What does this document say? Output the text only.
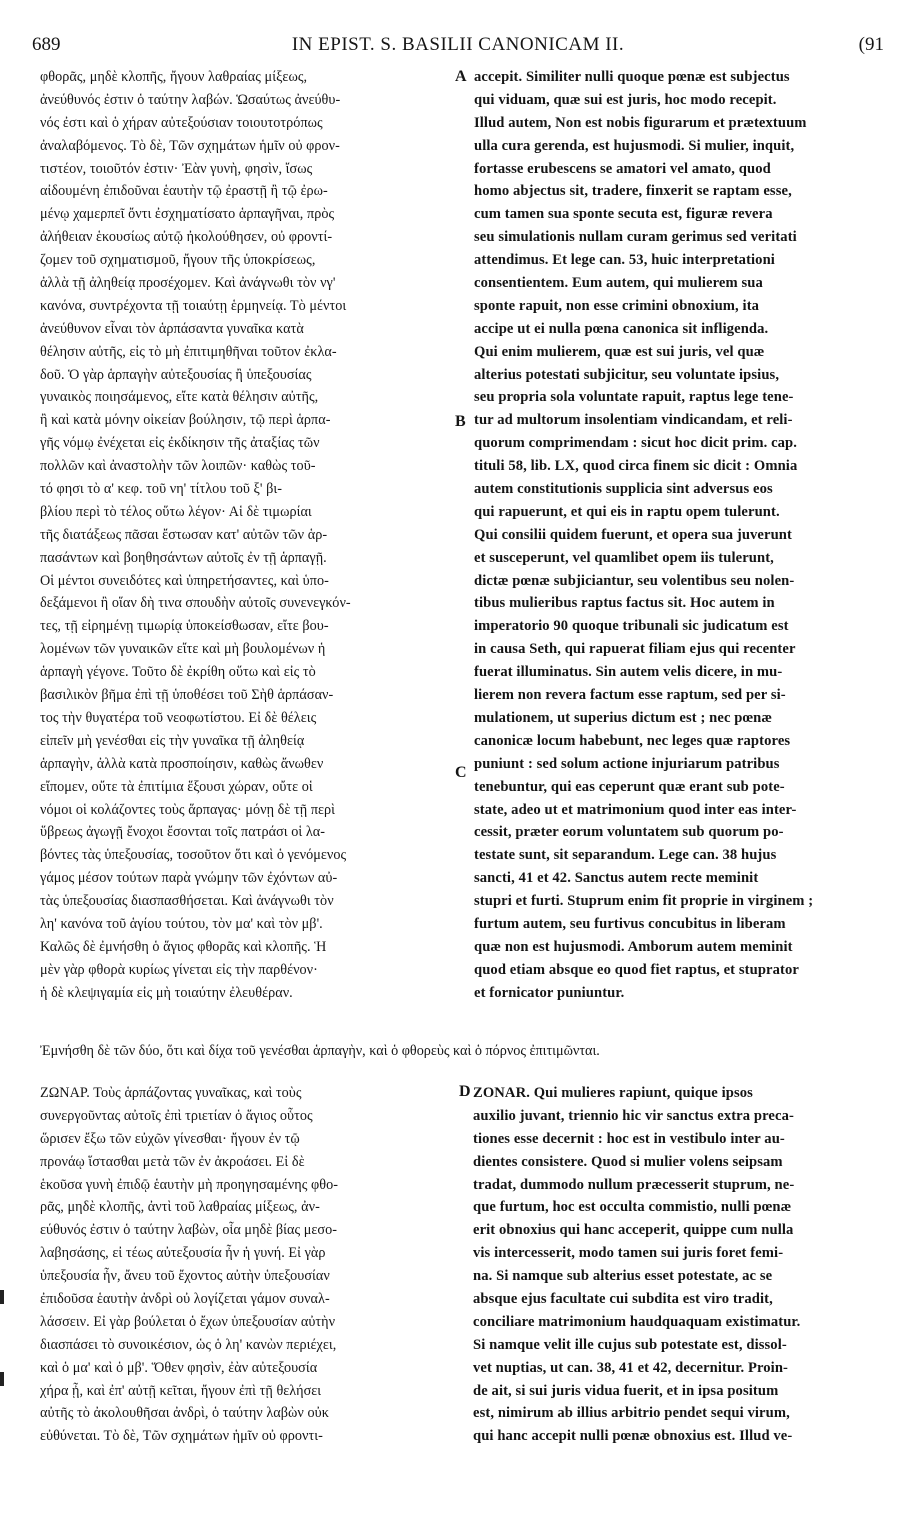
689	IN EPIST. S. BASILII CANONICAM II.	(91
φθορᾶς, μηδὲ κλοπῆς, ἤγουν λαθραίας μίξεως,
ἀνεύθυνός ἐστιν ὁ ταύτην λαβών. Ὡσαύτως ἀνεύθυ-
νός ἐστι καὶ ὁ χήραν αὐτεξούσιαν τοιουτοτρόπως
ἀναλαβόμενος. Τὸ δὲ, Τῶν σχημάτων ἡμῖν οὐ φρον-
τιστέον, τοιοῦτόν ἐστιν· Ἐὰν γυνὴ, φησὶν, ἴσως
αἰδουμένη ἐπιδοῦναι ἑαυτὴν τῷ ἐραστῇ ἢ τῷ ἐρω-
μένῳ χαμερπεῖ ὄντι ἐσχηματίσατο ἁρπαγῆναι, πρὸς
ἀλήθειαν ἑκουσίως αὐτῷ ἠκολούθησεν, οὐ φροντί-
ζομεν τοῦ σχηματισμοῦ, ἤγουν τῆς ὑποκρίσεως,
ἀλλὰ τῇ ἀληθείᾳ προσέχομεν. Καὶ ἀνάγνωθι τὸν νγ'
κανόνα, συντρέχοντα τῇ τοιαύτῃ ἑρμηνείᾳ. Τὸ μέντοι
ἀνεύθυνον εἶναι τὸν ἁρπάσαντα γυναῖκα κατὰ
θέλησιν αὐτῆς, εἰς τὸ μὴ ἐπιτιμηθῆναι τοῦτον ἐκλα-
δοῦ. Ὁ γὰρ ἁρπαγὴν αὐτεξουσίας ἢ ὑπεξουσίας
γυναικὸς ποιησάμενος, εἴτε κατὰ θέλησιν αὐτῆς,
ἢ καὶ κατὰ μόνην οἰκείαν βούλησιν, τῷ περὶ ἁρπα-
γῆς νόμῳ ἐνέχεται εἰς ἐκδίκησιν τῆς ἀταξίας τῶν
πολλῶν καὶ ἀναστολὴν τῶν λοιπῶν· καθὼς τοῦ-
τό φησι τὸ α' κεφ. τοῦ νη' τίτλου τοῦ ξ' βι-
βλίου περὶ τὸ τέλος οὕτω λέγον· Αἱ δὲ τιμωρίαι
τῆς διατάξεως πᾶσαι ἔστωσαν κατ' αὐτῶν τῶν ἁρ-
πασάντων καὶ βοηθησάντων αὐτοῖς ἐν τῇ ἁρπαγῇ.
Οἱ μέντοι συνειδότες καὶ ὑπηρετήσαντες, καὶ ὑπο-
δεξάμενοι ἢ οἵαν δὴ τινα σπουδὴν αὐτοῖς συνενεγκόν-
τες, τῇ εἰρημένῃ τιμωρίᾳ ὑποκείσθωσαν, εἴτε βου-
λομένων τῶν γυναικῶν εἴτε καὶ μὴ βουλομένων ἡ
ἁρπαγὴ γέγονε. Τοῦτο δὲ ἐκρίθη οὕτω καὶ εἰς τὸ
βασιλικὸν βῆμα ἐπὶ τῇ ὑποθέσει τοῦ Σὴθ ἁρπάσαν-
τος τὴν θυγατέρα τοῦ νεοφωτίστου. Εἰ δὲ θέλεις
εἰπεῖν μὴ γενέσθαι εἰς τὴν γυναῖκα τῇ ἀληθείᾳ
ἁρπαγὴν, ἀλλὰ κατὰ προσποίησιν, καθὼς ἄνωθεν
εἴπομεν, οὔτε τὰ ἐπιτίμια ἕξουσι χώραν, οὔτε οἱ
νόμοι οἱ κολάζοντες τοὺς ἅρπαγας· μόνῃ δὲ τῇ περὶ
ὕβρεως ἀγωγῇ ἔνοχοι ἔσονται τοῖς πατράσι οἱ λα-
βόντες τὰς ὑπεξουσίας, τοσοῦτον ὅτι καὶ ὁ γενόμενος
γάμος μέσον τούτων παρὰ γνώμην τῶν ἐχόντων αὐ-
τὰς ὑπεξουσίας διασπασθήσεται. Καὶ ἀνάγνωθι τὸν
λη' κανόνα τοῦ ἁγίου τούτου, τὸν μα' καὶ τὸν μβ'.
Καλῶς δὲ ἐμνήσθη ὁ ἅγιος φθορᾶς καὶ κλοπῆς. Ἡ
μὲν γὰρ φθορὰ κυρίως γίνεται εἰς τὴν παρθένον·
ἡ δὲ κλεψιγαμία εἰς μὴ τοιαύτην ἐλευθέραν.
accepit. Similiter nulli quoque pœnæ est subjectus
qui viduam, quæ sui est juris, hoc modo recepit.
Illud autem, Non est nobis figurarum et prætextuum
ulla cura gerenda, est hujusmodi. Si mulier, inquit,
fortasse erubescens se amatori vel amato, quod
homo abjectus sit, tradere, finxerit se raptam esse,
cum tamen sua sponte secuta est, figuræ revera
seu simulationis nullam curam gerimus sed veritati
attendimus. Et lege can. 53, huic interpretationi
consentientem. Eum autem, qui mulierem sua
sponte rapuit, non esse crimini obnoxium, ita
accipe ut ei nulla pœna canonica sit infligenda.
Qui enim mulierem, quæ est sui juris, vel quæ
alterius potestati subjicitur, seu voluntate ipsius,
seu propria sola voluntate rapuit, raptus lege tene-
tur ad multorum insolentiam vindicandam, et reli-
quorum comprimendam : sicut hoc dicit prim. cap.
tituli 58, lib. LX, quod circa finem sic dicit : Omnia
autem constitutionis supplicia sint adversus eos
qui rapuerunt, et qui eis in raptu opem tulerunt.
Qui consilii quidem fuerunt, et opera sua juverunt
et susceperunt, vel quamlibet opem iis tulerunt,
dictæ pœnæ subjiciantur, seu volentibus seu nolen-
tibus mulieribus raptus factus sit. Hoc autem in
imperatorio 90 quoque tribunali sic judicatum est
in causa Seth, qui rapuerat filiam ejus qui recenter
fuerat illuminatus. Sin autem velis dicere, in mu-
lierem non revera factum esse raptum, sed per si-
mulationem, ut superius dictum est ; nec pœnæ
canonicæ locum habebunt, nec leges quæ raptores
puniunt : sed solum actione injuriarum patribus
tenebuntur, qui eas ceperunt quæ erant sub pote-
state, adeo ut et matrimonium quod inter eas inter-
cessit, præter eorum voluntatem sub quorum po-
testate sunt, sit separandum. Lege can. 38 hujus
sancti, 41 et 42. Sanctus autem recte meminit
stupri et furti. Stuprum enim fit proprie in virginem ;
furtum autem, seu furtivus concubitus in liberam
quæ non est hujusmodi. Amborum autem meminit
quod etiam absque eo quod fiet raptus, et stuprator
et fornicator puniuntur.
Ἐμνήσθη δὲ τῶν δύο, ὅτι καὶ δίχα τοῦ γενέσθαι ἁρπαγὴν, καὶ ὁ φθορεὺς καὶ ὁ πόρνος ἐπιτιμῶνται.
ΖΩΝΑΡ. Τοὺς ἁρπάζοντας γυναῖκας, καὶ τοὺς
συνεργοῦντας αὐτοῖς ἐπὶ τριετίαν ὁ ἅγιος οὗτος
ὥρισεν ἔξω τῶν εὐχῶν γίνεσθαι· ἤγουν ἐν τῷ
προνάῳ ἵστασθαι μετὰ τῶν ἐν ἀκροάσει. Εἰ δὲ
ἑκοῦσα γυνὴ ἐπιδῷ ἑαυτὴν μὴ προηγησαμένης φθο-
ρᾶς, μηδὲ κλοπῆς, ἀντὶ τοῦ λαθραίας μίξεως, ἀν-
εύθυνός ἐστιν ὁ ταύτην λαβὼν, οἷα μηδὲ βίας μεσο-
λαβησάσης, εἰ τέως αὐτεξουσία ἦν ἡ γυνή. Εἰ γὰρ
ὑπεξουσία ἦν, ἄνευ τοῦ ἔχοντος αὐτὴν ὑπεξουσίαν
ἐπιδοῦσα ἑαυτὴν ἀνδρὶ οὐ λογίζεται γάμον συναλ-
λάσσειν. Εἰ γὰρ βούλεται ὁ ἔχων ὑπεξουσίαν αὐτὴν
διασπάσει τὸ συνοικέσιον, ὡς ὁ λη' κανὼν περιέχει,
καὶ ὁ μα' καὶ ὁ μβ'. Ὅθεν φησὶν, ἐὰν αὐτεξουσία
χήρα ᾖ, καὶ ἐπ' αὐτῇ κεῖται, ἤγουν ἐπὶ τῇ θελήσει
αὐτῆς τὸ ἀκολουθῆσαι ἀνδρὶ, ὁ ταύτην λαβὼν οὐκ
εὐθύνεται. Τὸ δὲ, Τῶν σχημάτων ἡμῖν οὐ φροντι-
ZONAR. Qui mulieres rapiunt, quique ipsos
auxilio juvant, triennio hic vir sanctus extra preca-
tiones esse decernit : hoc est in vestibulo inter au-
dientes consistere. Quod si mulier volens seipsam
tradat, dummodo nullum præcesserit stuprum, ne-
que furtum, hoc est occulta commistio, nulli pœnæ
erit obnoxius qui hanc acceperit, quippe cum nulla
vis intercesserit, modo tamen sui juris foret femi-
na. Si namque sub alterius esset potestate, ac se
absque ejus facultate cui subdita est viro tradit,
conciliare matrimonium haudquaquam existimatur.
Si namque velit ille cujus sub potestate est, dissol-
vet nuptias, ut can. 38, 41 et 42, decernitur. Proin-
de ait, si sui juris vidua fuerit, et in ipsa positum
est, nimirum ab illius arbitrio pendet sequi virum,
qui hanc accepit nulli pœnæ obnoxius est. Illud ve-
A
B
C
D
